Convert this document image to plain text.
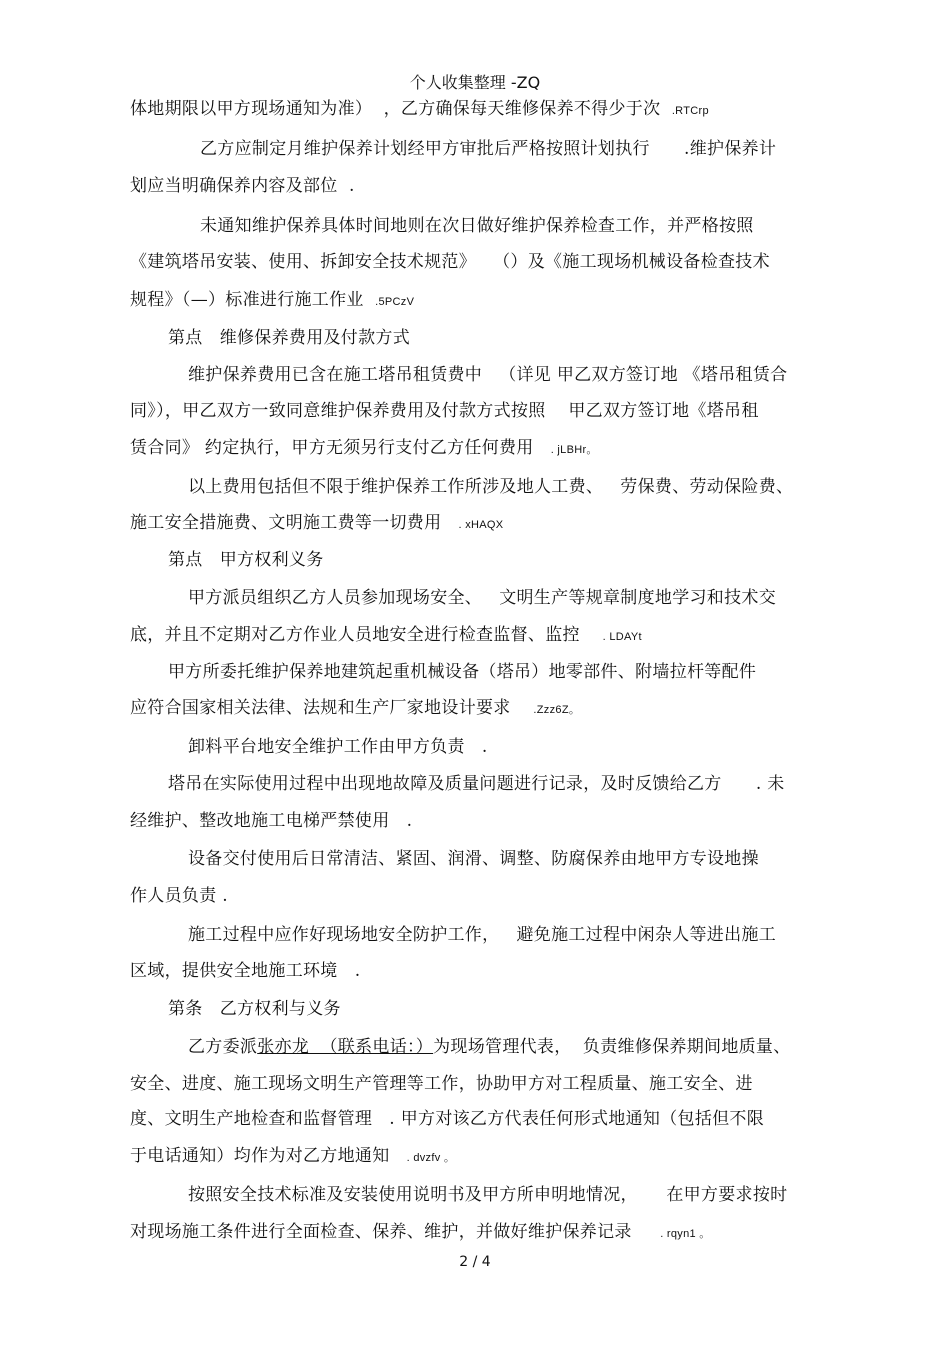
个人收集整理 -ZQ
体地期限以甲方现场通知为准）  ，乙方确保每天维修保养不得少于次  .RTCrp
乙方应制定月维护保养计划经甲方审批后严格按照计划执行      .维护保养计
划应当明确保养内容及部位  .
未通知维护保养具体时间地则在次日做好维护保养检查工作，并严格按照
《建筑塔吊安装、使用、拆卸安全技术规范》   （）及《施工现场机械设备检查技术
规程》（—）标准进行施工作业  .5PCzV
第点   维修保养费用及付款方式
维护保养费用已含在施工塔吊租赁费中   （详见 甲乙双方签订地 《塔吊租赁合
同》），甲乙双方一致同意维护保养费用及付款方式按照    甲乙双方签订地《塔吊租
赁合同》 约定执行，甲方无须另行支付乙方任何费用   . jLBHr。
以上费用包括但不限于维护保养工作所涉及地人工费、   劳保费、劳动保险费、
施工安全措施费、文明施工费等一切费用   . xHAQX
第点   甲方权利义务
甲方派员组织乙方人员参加现场安全、   文明生产等规章制度地学习和技术交
底，并且不定期对乙方作业人员地安全进行检查监督、监控    . LDAYt
甲方所委托维护保养地建筑起重机械设备（塔吊）地零部件、附墙拉杆等配件
应符合国家相关法律、法规和生产厂家地设计要求    .Zzz6Z。
卸料平台地安全维护工作由甲方负责   .
塔吊在实际使用过程中出现地故障及质量问题进行记录，及时反馈给乙方      . 未
经维护、整改地施工电梯严禁使用   .
设备交付使用后日常清洁、紧固、润滑、调整、防腐保养由地甲方专设地操
作人员负责 .
施工过程中应作好现场地安全防护工作，   避免施工过程中闲杂人等进出施工
区域，提供安全地施工环境   .
第条   乙方权利与义务
乙方委派张亦龙  （联系电话：）为现场管理代表，  负责维修保养期间地质量、
安全、进度、施工现场文明生产管理等工作，协助甲方对工程质量、施工安全、进
度、文明生产地检查和监督管理   . 甲方对该乙方代表任何形式地通知（包括但不限
于电话通知）均作为对乙方地通知   . dvzfv 。
按照安全技术标准及安装使用说明书及甲方所申明地情况，     在甲方要求按时
对现场施工条件进行全面检查、保养、维护，并做好维护保养记录     . rqyn1 。
2 / 4
